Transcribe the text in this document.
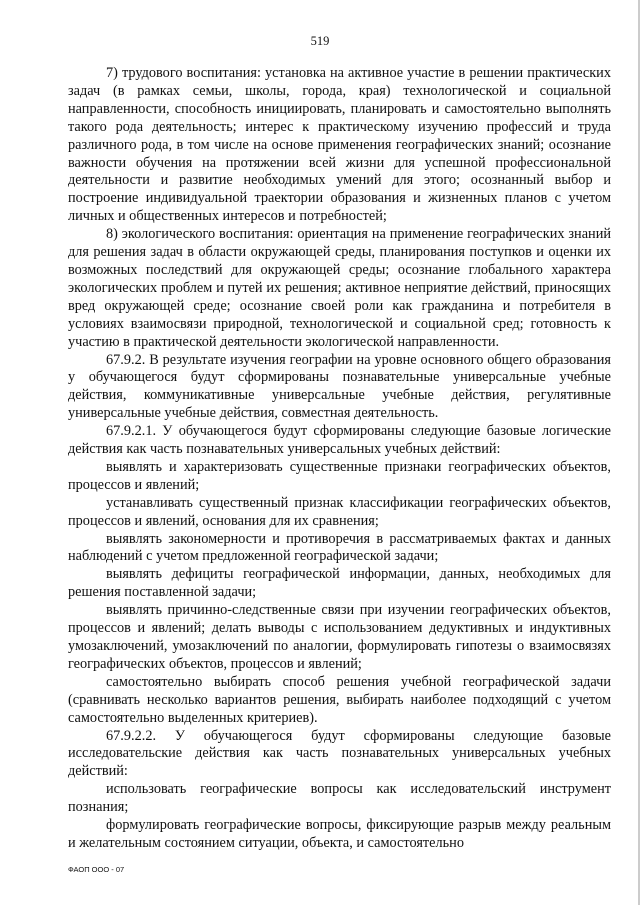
519

7) трудового воспитания: установка на активное участие в решении практических задач (в рамках семьи, школы, города, края) технологической и социальной направленности, способность инициировать, планировать и самостоятельно выполнять такого рода деятельность; интерес к практическому изучению профессий и труда различного рода, в том числе на основе применения географических знаний; осознание важности обучения на протяжении всей жизни для успешной профессиональной деятельности и развитие необходимых умений для этого; осознанный выбор и построение индивидуальной траектории образования и жизненных планов с учетом личных и общественных интересов и потребностей;

8) экологического воспитания: ориентация на применение географических знаний для решения задач в области окружающей среды, планирования поступков и оценки их возможных последствий для окружающей среды; осознание глобального характера экологических проблем и путей их решения; активное неприятие действий, приносящих вред окружающей среде; осознание своей роли как гражданина и потребителя в условиях взаимосвязи природной, технологической и социальной сред; готовность к участию в практической деятельности экологической направленности.

67.9.2. В результате изучения географии на уровне основного общего образования у обучающегося будут сформированы познавательные универсальные учебные действия, коммуникативные универсальные учебные действия, регулятивные универсальные учебные действия, совместная деятельность.

67.9.2.1. У обучающегося будут сформированы следующие базовые логические действия как часть познавательных универсальных учебных действий:

выявлять и характеризовать существенные признаки географических объектов, процессов и явлений;

устанавливать существенный признак классификации географических объектов, процессов и явлений, основания для их сравнения;

выявлять закономерности и противоречия в рассматриваемых фактах и данных наблюдений с учетом предложенной географической задачи;

выявлять дефициты географической информации, данных, необходимых для решения поставленной задачи;

выявлять причинно-следственные связи при изучении географических объектов, процессов и явлений; делать выводы с использованием дедуктивных и индуктивных умозаключений, умозаключений по аналогии, формулировать гипотезы о взаимосвязях географических объектов, процессов и явлений;

самостоятельно выбирать способ решения учебной географической задачи (сравнивать несколько вариантов решения, выбирать наиболее подходящий с учетом самостоятельно выделенных критериев).

67.9.2.2. У обучающегося будут сформированы следующие базовые исследовательские действия как часть познавательных универсальных учебных действий:

использовать географические вопросы как исследовательский инструмент познания;

формулировать географические вопросы, фиксирующие разрыв между реальным и желательным состоянием ситуации, объекта, и самостоятельно

ФАОП ООО - 07
